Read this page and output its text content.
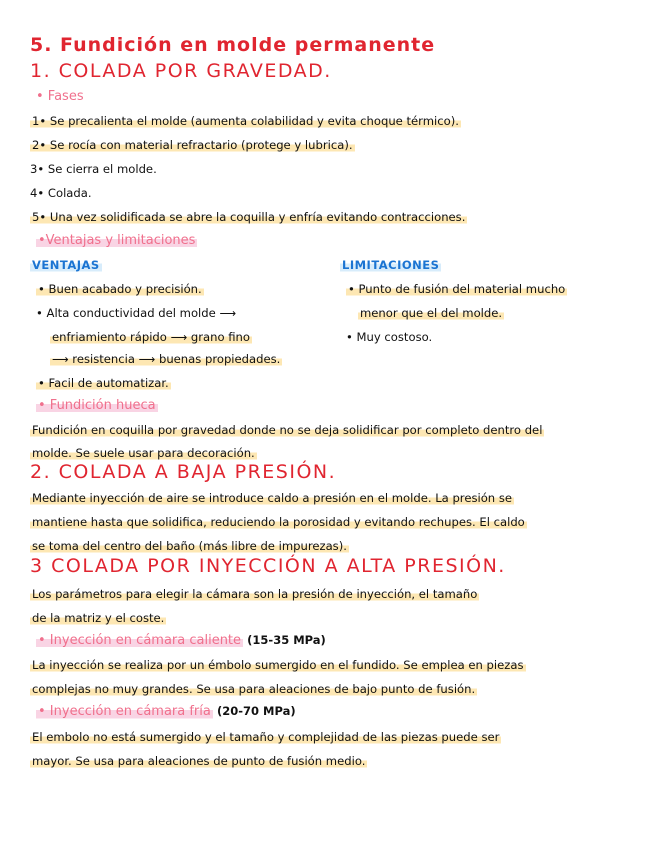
5. Fundición en molde permanente
1. COLADA POR GRAVEDAD.
• Fases
1• Se precalienta el molde (aumenta colabilidad y evita choque térmico).
2• Se rocía con material refractario (protege y lubrica).
3• Se cierra el molde.
4• Colada.
5• Una vez solidificada se abre la coquilla y enfría evitando contracciones.
•Ventajas y limitaciones
VENTAJAS	LIMITACIONES
• Buen acabado y precisión.
• Alta conductividad del molde ⟶
enfriamiento rápido ⟶ grano fino
⟶ resistencia ⟶ buenas propiedades.
• Facil de automatizar.
• Punto de fusión del material mucho
menor que el del molde.
• Muy costoso.
• Fundición hueca
Fundición en coquilla por gravedad donde no se deja solidificar por completo dentro del
molde. Se suele usar para decoración.
2. COLADA A BAJA PRESIÓN.
Mediante inyección de aire se introduce caldo a presión en el molde. La presión se
mantiene hasta que solidifica, reduciendo la porosidad y evitando rechupes. El caldo
se toma del centro del baño (más libre de impurezas).
3 COLADA POR INYECCIÓN A ALTA PRESIÓN.
Los parámetros para elegir la cámara son la presión de inyección, el tamaño
de la matriz y el coste.
• Inyección en cámara caliente (15-35 MPa)
La inyección se realiza por un émbolo sumergido en el fundido. Se emplea en piezas
complejas no muy grandes. Se usa para aleaciones de bajo punto de fusión.
• Inyección en cámara fría (20-70 MPa)
El embolo no está sumergido y el tamaño y complejidad de las piezas puede ser
mayor. Se usa para aleaciones de punto de fusión medio.
